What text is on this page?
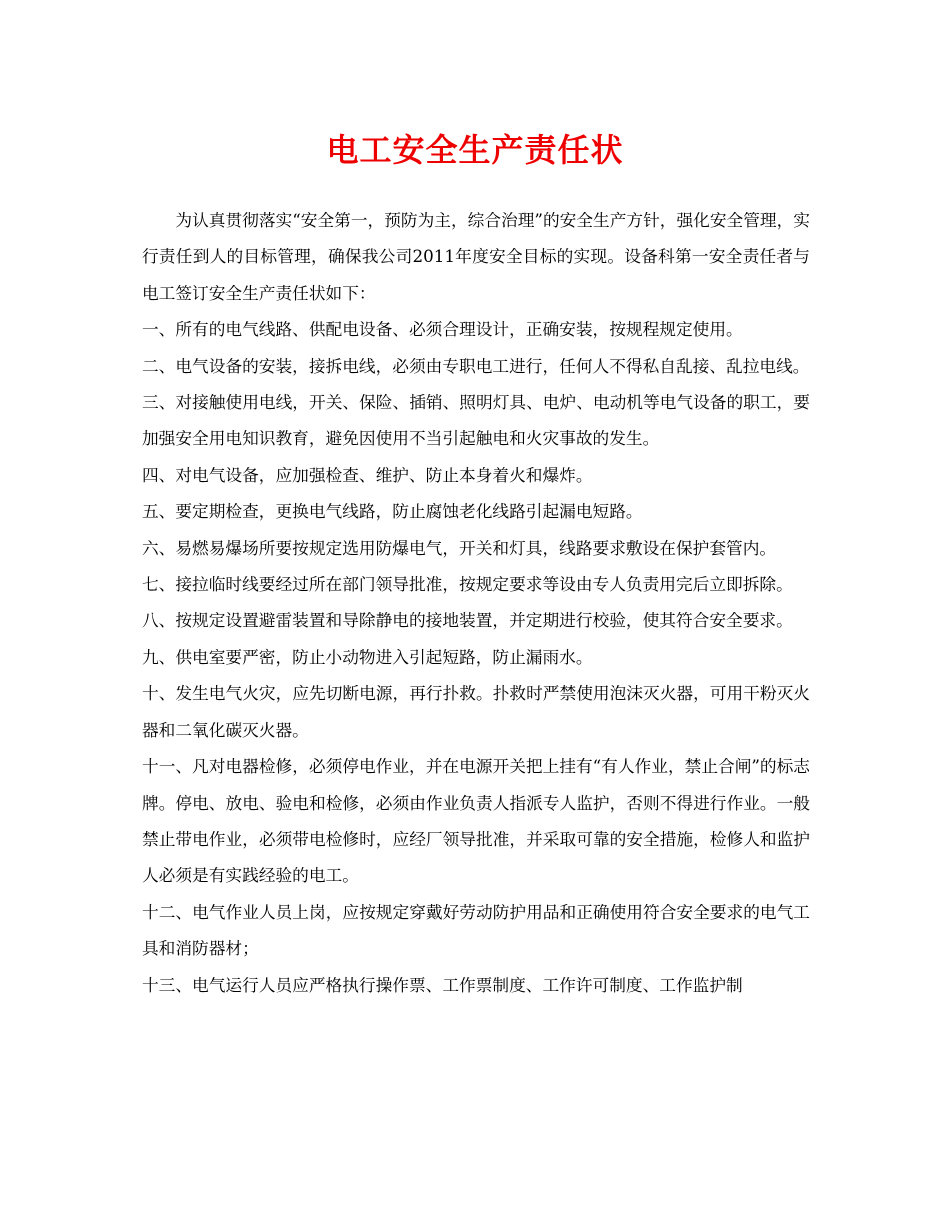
电工安全生产责任状

为认真贯彻落实“安全第一，预防为主，综合治理”的安全生产方针，强化安全管理，实行责任到人的目标管理，确保我公司2011年度安全目标的实现。设备科第一安全责任者与电工签订安全生产责任状如下：

一、所有的电气线路、供配电设备、必须合理设计，正确安装，按规程规定使用。

二、电气设备的安装，接拆电线，必须由专职电工进行，任何人不得私自乱接、乱拉电线。

三、对接触使用电线，开关、保险、插销、照明灯具、电炉、电动机等电气设备的职工，要加强安全用电知识教育，避免因使用不当引起触电和火灾事故的发生。

四、对电气设备，应加强检查、维护、防止本身着火和爆炸。

五、要定期检查，更换电气线路，防止腐蚀老化线路引起漏电短路。

六、易燃易爆场所要按规定选用防爆电气，开关和灯具，线路要求敷设在保护套管内。

七、接拉临时线要经过所在部门领导批准，按规定要求等设由专人负责用完后立即拆除。

八、按规定设置避雷装置和导除静电的接地装置，并定期进行校验，使其符合安全要求。

九、供电室要严密，防止小动物进入引起短路，防止漏雨水。

十、发生电气火灾，应先切断电源，再行扑救。扑救时严禁使用泡沫灭火器，可用干粉灭火器和二氧化碳灭火器。

十一、凡对电器检修，必须停电作业，并在电源开关把上挂有“有人作业，禁止合闸”的标志牌。停电、放电、验电和检修，必须由作业负责人指派专人监护，否则不得进行作业。一般禁止带电作业，必须带电检修时，应经厂领导批准，并采取可靠的安全措施，检修人和监护人必须是有实践经验的电工。

十二、电气作业人员上岗，应按规定穿戴好劳动防护用品和正确使用符合安全要求的电气工具和消防器材；

十三、电气运行人员应严格执行操作票、工作票制度、工作许可制度、工作监护制
